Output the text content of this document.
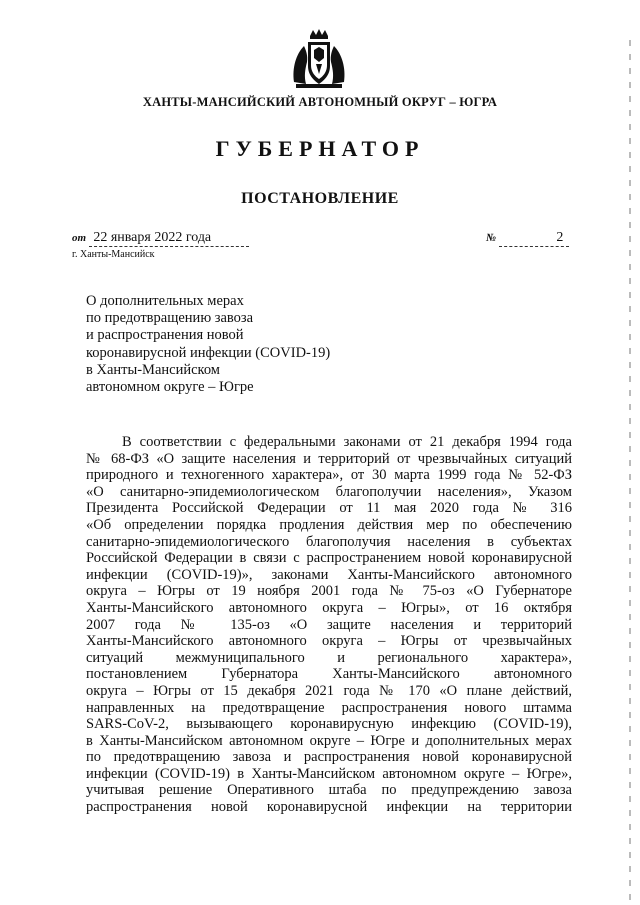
ХАНТЫ-МАНСИЙСКИЙ АВТОНОМНЫЙ ОКРУГ – ЮГРА
ГУБЕРНАТОР
ПОСТАНОВЛЕНИЕ
от 22 января 2022 года	№	2
г. Ханты-Мансийск
О дополнительных мерах
по предотвращению завоза
и распространения новой
коронавирусной инфекции (COVID-19)
в Ханты-Мансийском
автономном округе – Югре
В соответствии с федеральными законами от 21 декабря 1994 года
№ 68-ФЗ «О защите населения и территорий от чрезвычайных ситуаций
природного и техногенного характера», от 30 марта 1999 года № 52-ФЗ
«О санитарно-эпидемиологическом благополучии населения», Указом
Президента Российской Федерации от 11 мая 2020 года № 316
«Об определении порядка продления действия мер по обеспечению
санитарно-эпидемиологического благополучия населения в субъектах
Российской Федерации в связи с распространением новой коронавирусной
инфекции (COVID-19)», законами Ханты-Мансийского автономного
округа – Югры от 19 ноября 2001 года № 75-оз «О Губернаторе
Ханты-Мансийского автономного округа – Югры», от 16 октября
2007 года № 135-оз «О защите населения и территорий
Ханты-Мансийского автономного округа – Югры от чрезвычайных
ситуаций межмуниципального и регионального характера»,
постановлением Губернатора Ханты-Мансийского автономного
округа – Югры от 15 декабря 2021 года № 170 «О плане действий,
направленных на предотвращение распространения нового штамма
SARS-CoV-2, вызывающего коронавирусную инфекцию (COVID-19),
в Ханты-Мансийском автономном округе – Югре и дополнительных мерах
по предотвращению завоза и распространения новой коронавирусной
инфекции (COVID-19) в Ханты-Мансийском автономном округе – Югре»,
учитывая решение Оперативного штаба по предупреждению завоза
распространения новой коронавирусной инфекции на территории
